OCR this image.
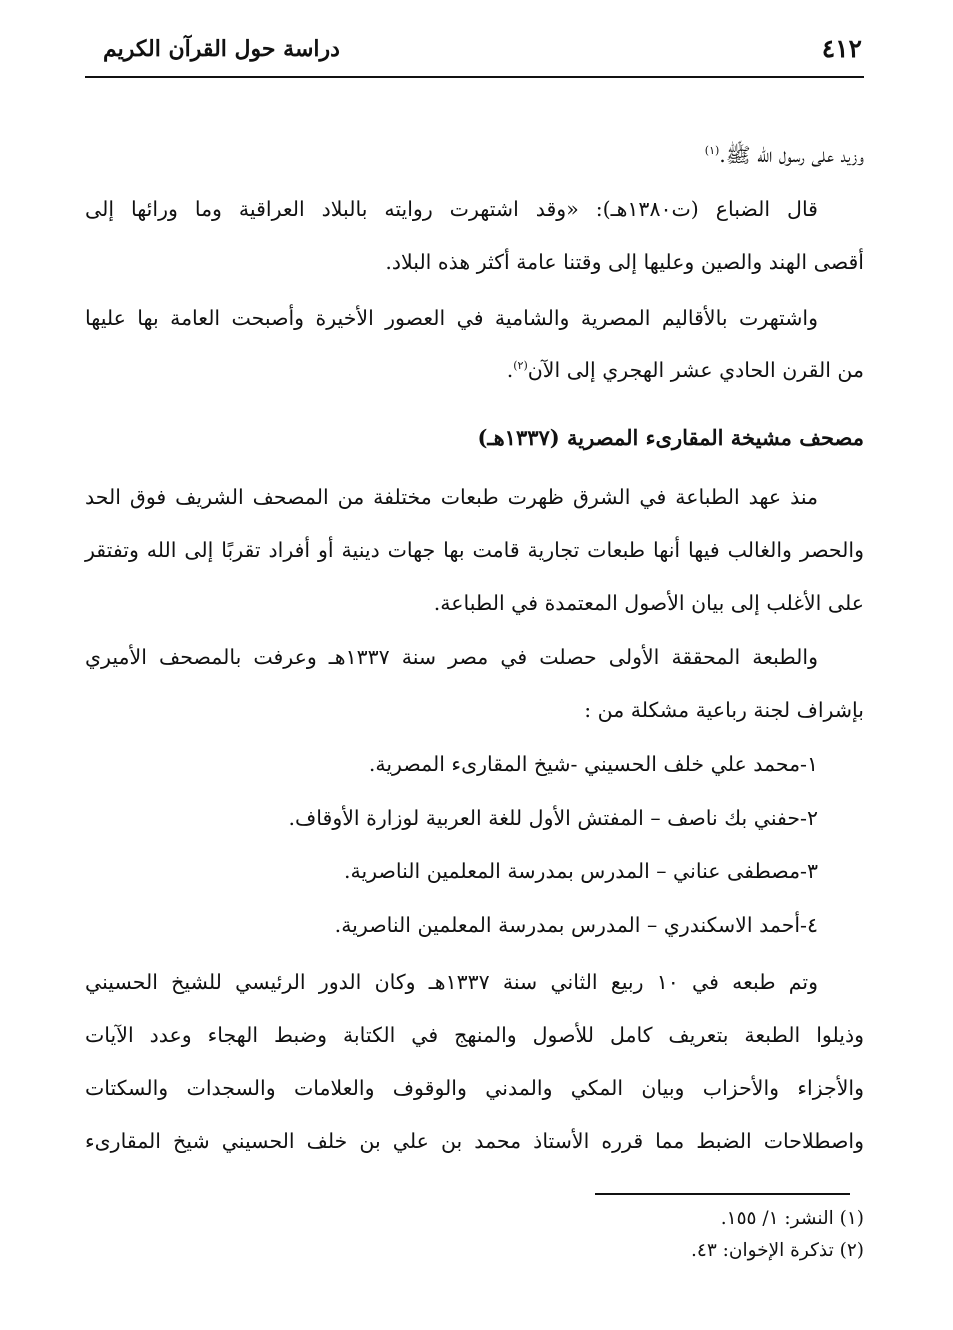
٤١٢
دراسة حول القرآن الكريم
وزيد على رسول الله ﷺ.$^{(١)}$
قال الضباع (ت١٣٨٠هـ): «وقد اشتهرت روايته بالبلاد العراقية وما ورائها إلى
أقصى الهند والصين وعليها إلى وقتنا عامة أكثر هذه البلاد.
واشتهرت بالأقاليم المصرية والشامية في العصور الأخيرة وأصبحت العامة بها عليها
من القرن الحادي عشر الهجري إلى الآن$^{(٢)}$.
مصحف مشيخة المقارىء المصرية (١٣٣٧هـ)
منذ عهد الطباعة في الشرق ظهرت طبعات مختلفة من المصحف الشريف فوق الحد
والحصر والغالب فيها أنها طبعات تجارية قامت بها جهات دينية أو أفراد تقربًا إلى الله وتفتقر
على الأغلب إلى بيان الأصول المعتمدة في الطباعة.
والطبعة المحققة الأولى حصلت في مصر سنة ١٣٣٧هـ وعرفت بالمصحف الأميري
بإشراف لجنة رباعية مشكلة من :
١-محمد علي خلف الحسيني -شيخ المقارىء المصرية.
٢-حفني بك ناصف – المفتش الأول للغة العربية لوزارة الأوقاف.
٣-مصطفى عناني – المدرس بمدرسة المعلمين الناصرية.
٤-أحمد الاسكندري – المدرس بمدرسة المعلمين الناصرية.
وتم طبعه في ١٠ ربيع الثاني سنة ١٣٣٧هـ وكان الدور الرئيسي للشيخ الحسيني
وذيلوا الطبعة بتعريف كامل للأصول والمنهج في الكتابة وضبط الهجاء وعدد الآيات
والأجزاء والأحزاب وبيان المكي والمدني والوقوف والعلامات والسجدات والسكتات
واصطلاحات الضبط مما قرره الأستاذ محمد بن علي بن خلف الحسيني شيخ المقارىء
(١) النشر: ١/ ١٥٥.
(٢) تذكرة الإخوان: ٤٣.
